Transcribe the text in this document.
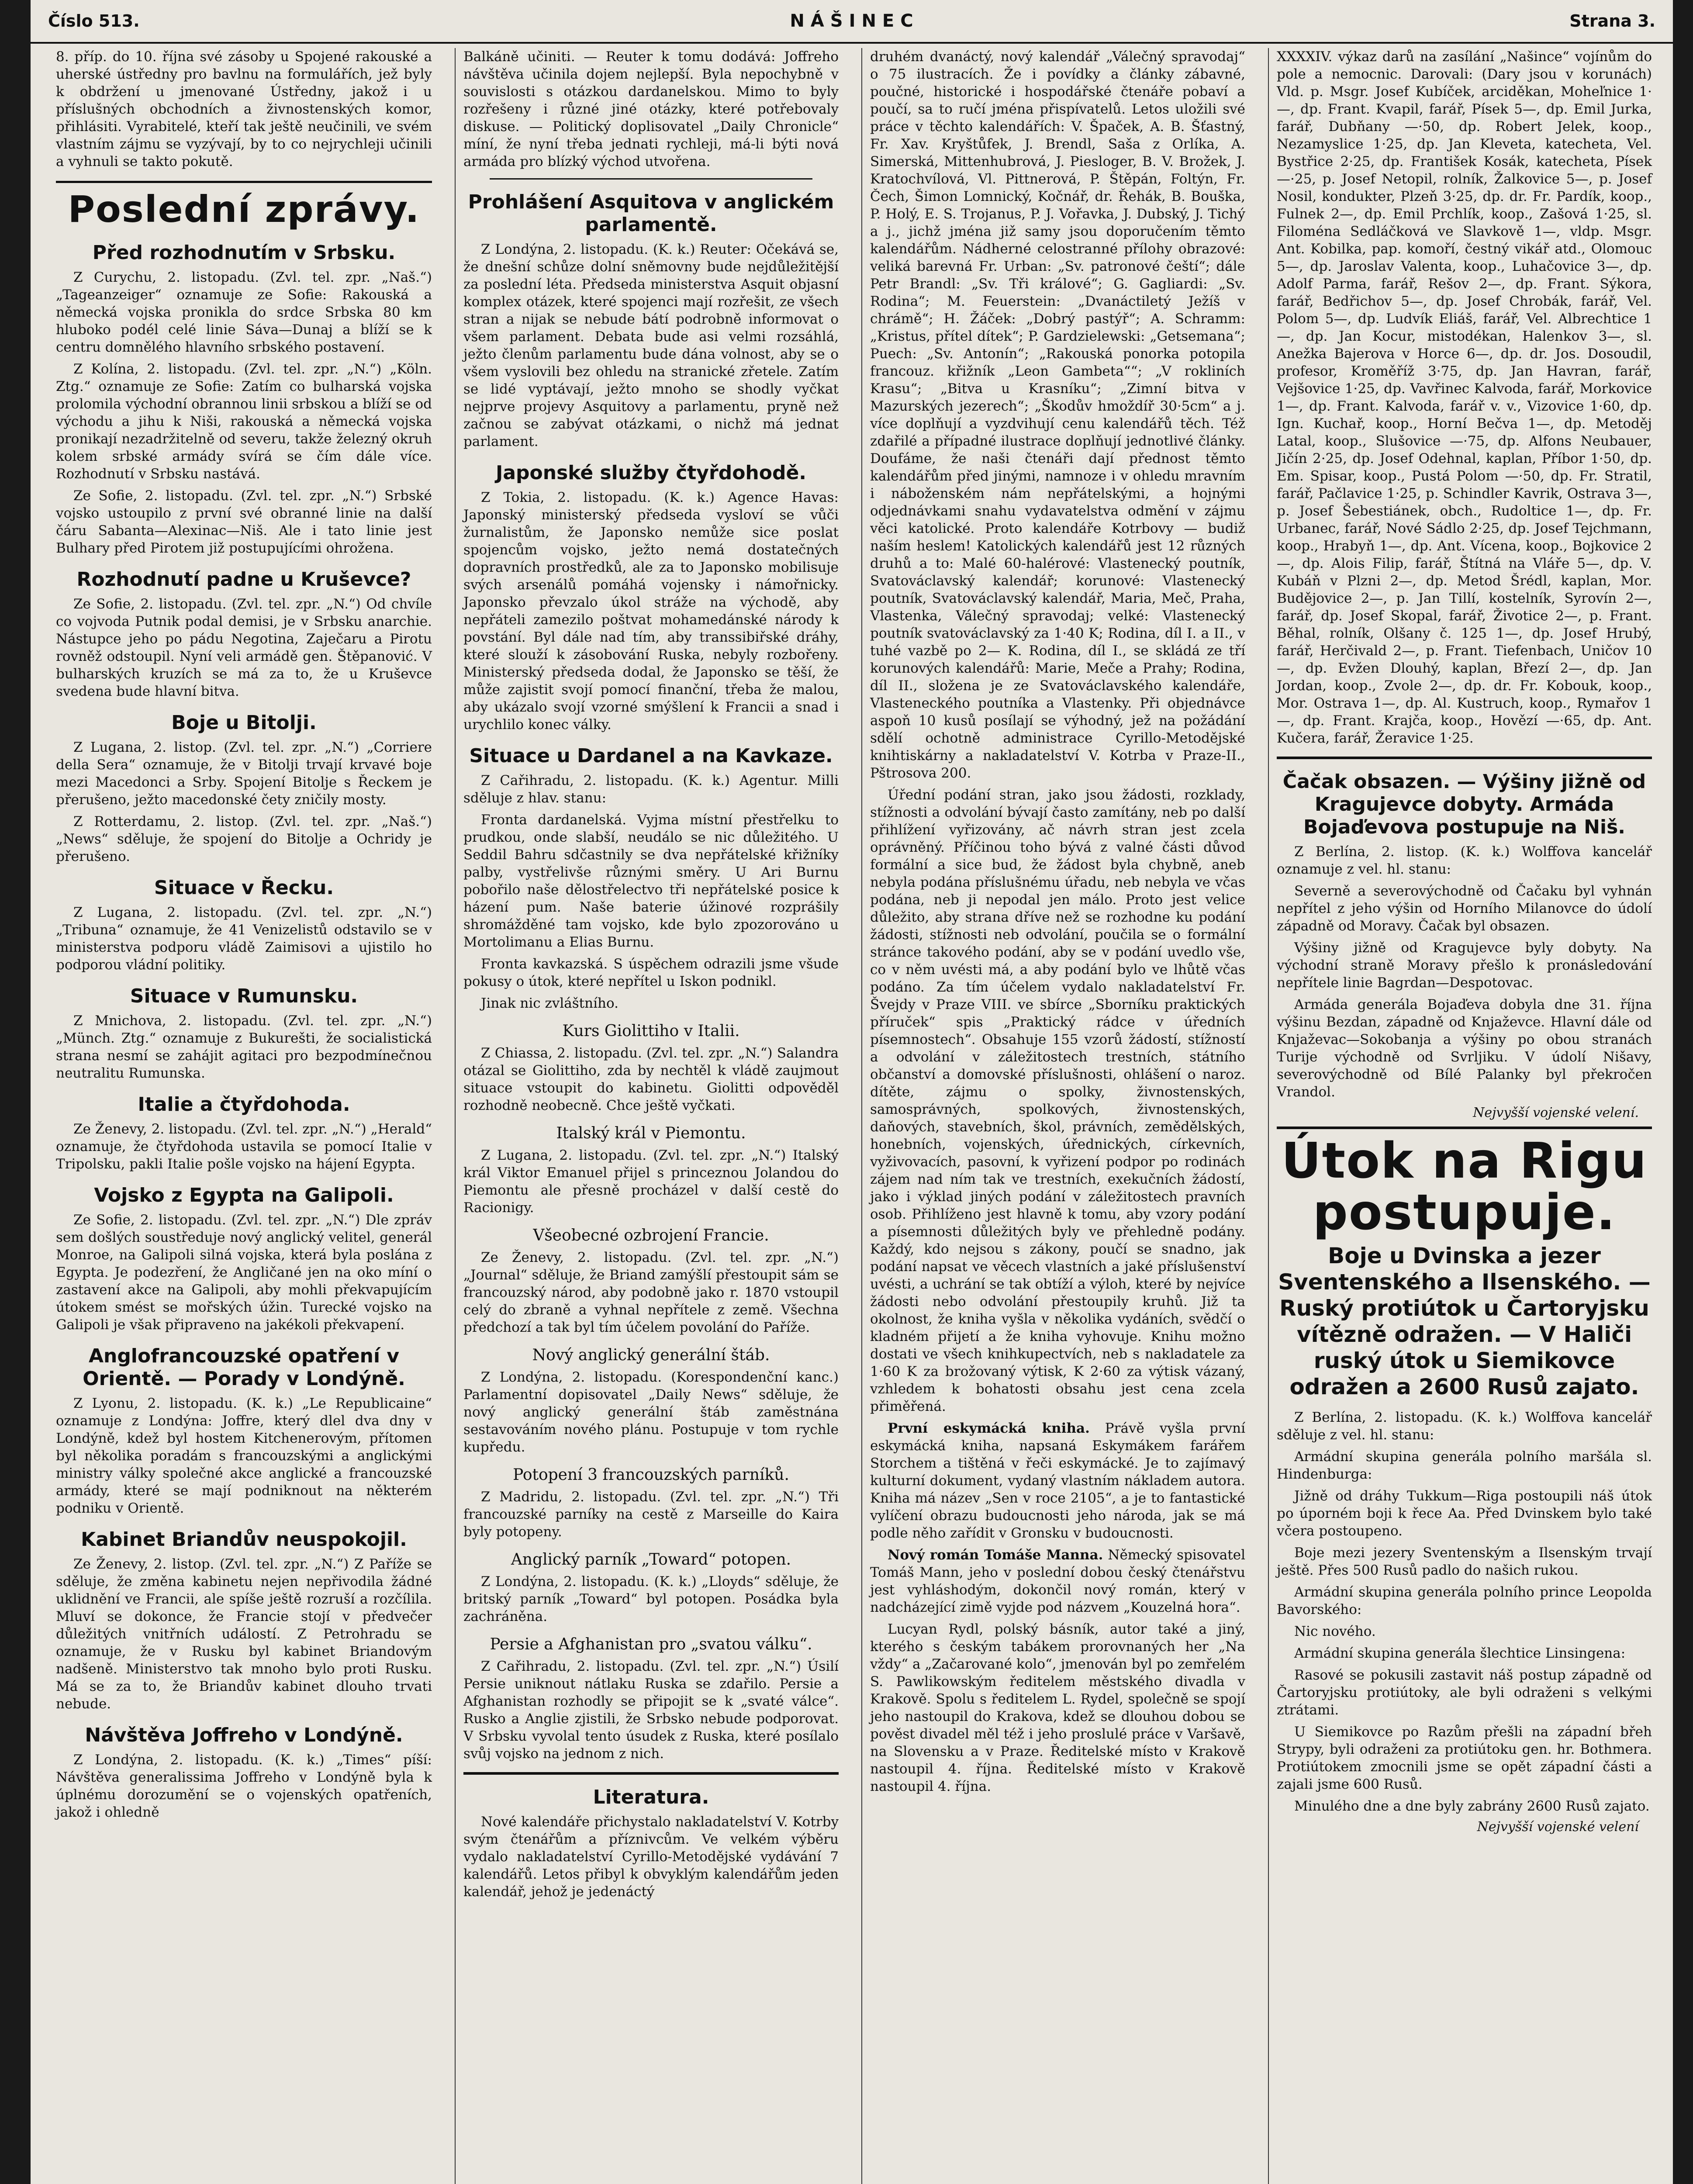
Číslo 513.	NÁŠINEC	Strana 3.

8. příp. do 10. října své zásoby u Spojené rakouské a uherské ústředny pro bavlnu na formulářích, jež byly k obdržení u jmenované Ústředny, jakož i u příslušných obchodních a živnostenských komor, přihlásiti. Vyrabitelé, kteří tak ještě neučinili, ve svém vlastním zájmu se vyzývají, by to co nejrychleji učinili a vyhnuli se takto pokutě.

Poslední zprávy.
Před rozhodnutím v Srbsku.

Z Curychu, 2. listopadu. (Zvl. tel. zpr. „Naš.“) „Tageanzeiger“ oznamuje ze Sofie: Rakouská a německá vojska pronikla do srdce Srbska 80 km hluboko podél celé linie Sáva—Dunaj a blíží se k centru domnělého hlavního srbského postavení.

Z Kolína, 2. listopadu. (Zvl. tel. zpr. „N.“) „Köln. Ztg.“ oznamuje ze Sofie: Zatím co bulharská vojska prolomila východní obrannou linii srbskou a blíží se od východu a jihu k Niši, rakouská a německá vojska pronikají nezadržitelně od severu, takže železný okruh kolem srbské armády svírá se čím dále více. Rozhodnutí v Srbsku nastává.

Ze Sofie, 2. listopadu. (Zvl. tel. zpr. „N.“) Srbské vojsko ustoupilo z první své obranné linie na další čáru Sabanta—Alexinac—Niš. Ale i tato linie jest Bulhary před Pirotem již postupujícími ohrožena.

Rozhodnutí padne u Kruševce?

Ze Sofie, 2. listopadu. (Zvl. tel. zpr. „N.“) Od chvíle co vojvoda Putnik podal demisi, je v Srbsku anarchie. Nástupce jeho po pádu Negotina, Zaječaru a Pirotu rovněž odstoupil. Nyní veli armádě gen. Štěpanović. V bulharských kruzích se má za to, že u Kruševce svedena bude hlavní bitva.

Boje u Bitolji.

Z Lugana, 2. listop. (Zvl. tel. zpr. „N.“) „Corriere della Sera“ oznamuje, že v Bitolji trvají krvavé boje mezi Macedonci a Srby. Spojení Bitolje s Řeckem je přerušeno, ježto macedonské čety zničily mosty.

Z Rotterdamu, 2. listop. (Zvl. tel. zpr. „Naš.“) „News“ sděluje, že spojení do Bitolje a Ochridy je přerušeno.

Situace v Řecku.

Z Lugana, 2. listopadu. (Zvl. tel. zpr. „N.“) „Tribuna“ oznamuje, že 41 Venizelistů odstavilo se v ministerstva podporu vládě Zaimisovi a ujistilo ho podporou vládní politiky.

Situace v Rumunsku.

Z Mnichova, 2. listopadu. (Zvl. tel. zpr. „N.“) „Münch. Ztg.“ oznamuje z Bukurešti, že socialistická strana nesmí se zahájit agitaci pro bezpodmínečnou neutralitu Rumunska.

Italie a čtyřdohoda.

Ze Ženevy, 2. listopadu. (Zvl. tel. zpr. „N.“) „Herald“ oznamuje, že čtyřdohoda ustavila se pomocí Italie v Tripolsku, pakli Italie pošle vojsko na hájení Egypta.

Vojsko z Egypta na Galipoli.

Ze Sofie, 2. listopadu. (Zvl. tel. zpr. „N.“) Dle zpráv sem došlých soustředuje nový anglický velitel, generál Monroe, na Galipoli silná vojska, která byla poslána z Egypta. Je podezření, že Angličané jen na oko míní o zastavení akce na Galipoli, aby mohli překvapujícím útokem smést se mořských úžin. Turecké vojsko na Galipoli je však připraveno na jakékoli překvapení.

Anglofrancouzské opatření v Orientě. — Porady v Londýně.

Z Lyonu, 2. listopadu. (K. k.) „Le Republicaine“ oznamuje z Londýna: Joffre, který dlel dva dny v Londýně, kdež byl hostem Kitchenerovým, přítomen byl několika poradám s francouzskými a anglickými ministry války společné akce anglické a francouzské armády, které se mají podniknout na některém podniku v Orientě.

Kabinet Briandův neuspokojil.

Ze Ženevy, 2. listop. (Zvl. tel. zpr. „N.“) Z Paříže se sděluje, že změna kabinetu nejen nepřivodila žádné uklidnění ve Francii, ale spíše ještě rozruší a rozčílila. Mluví se dokonce, že Francie stojí v předvečer důležitých vnitřních událostí. Z Petrohradu se oznamuje, že v Rusku byl kabinet Briandovým nadšeně. Ministerstvo tak mnoho bylo proti Rusku. Má se za to, že Briandův kabinet dlouho trvati nebude.

Návštěva Joffreho v Londýně.

Z Londýna, 2. listopadu. (K. k.) „Times“ píší: Návštěva generalissima Joffreho v Londýně byla k úplnému dorozumění se o vojenských opatřeních, jakož i ohledně

Balkáně učiniti. — Reuter k tomu dodává: Joffreho návštěva učinila dojem nejlepší. Byla nepochybně v souvislosti s otázkou dardanelskou. Mimo to byly rozřešeny i různé jiné otázky, které potřebovaly diskuse. — Politický doplisovatel „Daily Chronicle“ míní, že nyní třeba jednati rychleji, má-li býti nová armáda pro blízký východ utvořena.

Prohlášení Asquitova v anglickém parlamentě.

Z Londýna, 2. listopadu. (K. k.) Reuter: Očekává se, že dnešní schůze dolní sněmovny bude nejdůležitější za poslední léta. Předseda ministerstva Asquit objasní komplex otázek, které spojenci mají rozřešit, ze všech stran a nijak se nebude bátí podrobně informovat o všem parlament. Debata bude asi velmi rozsáhlá, ježto členům parlamentu bude dána volnost, aby se o všem vyslovili bez ohledu na stranické zřetele. Zatím se lidé vyptávají, ježto mnoho se shodly vyčkat nejprve projevy Asquitovy a parlamentu, pryně než začnou se zabývat otázkami, o nichž má jednat parlament.

Japonské služby čtyřdohodě.

Z Tokia, 2. listopadu. (K. k.) Agence Havas: Japonský ministerský předseda vysloví se vůči žurnalistům, že Japonsko nemůže sice poslat spojencům vojsko, ježto nemá dostatečných dopravních prostředků, ale za to Japonsko mobilisuje svých arsenálů pomáhá vojensky i námořnicky. Japonsko převzalo úkol stráže na východě, aby nepřáteli zamezilo poštvat mohamedánské národy k povstání. Byl dále nad tím, aby transsibiřské dráhy, které slouží k zásobování Ruska, nebyly rozbořeny. Ministerský předseda dodal, že Japonsko se těší, že může zajistit svojí pomocí finanční, třeba že malou, aby ukázalo svojí vzorné smýšlení k Francii a snad i urychlilo konec války.

Situace u Dardanel a na Kavkaze.

Z Cařihradu, 2. listopadu. (K. k.) Agentur. Milli sděluje z hlav. stanu:

Fronta dardanelská. Vyjma místní přestřelku to prudkou, onde slabší, neudálo se nic důležitého. U Seddil Bahru sdčastnily se dva nepřátelské křižníky palby, vystřelivše různými směry. U Ari Burnu pobořilo naše dělostřelectvo tři nepřátelské posice k házení pum. Naše baterie úžinové rozprášily shromážděné tam vojsko, kde bylo zpozorováno u Mortolimanu a Elias Burnu.

Fronta kavkazská. S úspěchem odrazili jsme všude pokusy o útok, které nepřítel u Iskon podnikl.

Jinak nic zvláštního.

Kurs Giolittiho v Italii.

Z Chiassa, 2. listopadu. (Zvl. tel. zpr. „N.“) Salandra otázal se Giolittiho, zda by nechtěl k vládě zaujmout situace vstoupit do kabinetu. Giolitti odpověděl rozhodně neobecně. Chce ještě vyčkati.

Italský král v Piemontu.

Z Lugana, 2. listopadu. (Zvl. tel. zpr. „N.“) Italský král Viktor Emanuel přijel s princeznou Jolandou do Piemontu ale přesně procházel v další cestě do Racionigy.

Všeobecné ozbrojení Francie.

Ze Ženevy, 2. listopadu. (Zvl. tel. zpr. „N.“) „Journal“ sděluje, že Briand zamýšlí přestoupit sám se francouzský národ, aby podobně jako r. 1870 vstoupil celý do zbraně a vyhnal nepřítele z země. Všechna předchozí a tak byl tím účelem povolání do Paříže.

Nový anglický generální štáb.

Z Londýna, 2. listopadu. (Korespondenční kanc.) Parlamentní dopisovatel „Daily News“ sděluje, že nový anglický generální štáb zaměstnána sestavováním nového plánu. Postupuje v tom rychle kupředu.

Potopení 3 francouzských parníků.

Z Madridu, 2. listopadu. (Zvl. tel. zpr. „N.“) Tři francouzské parníky na cestě z Marseille do Kaira byly potopeny.

Anglický parník „Toward“ potopen.

Z Londýna, 2. listopadu. (K. k.) „Lloyds“ sděluje, že britský parník „Toward“ byl potopen. Posádka byla zachráněna.

Persie a Afghanistan pro „svatou válku“.

Z Cařihradu, 2. listopadu. (Zvl. tel. zpr. „N.“) Úsilí Persie uniknout nátlaku Ruska se zdařilo. Persie a Afghanistan rozhodly se připojit se k „svaté válce“. Rusko a Anglie zjistili, že Srbsko nebude podporovat. V Srbsku vyvolal tento úsudek z Ruska, které posílalo svůj vojsko na jednom z nich.

Literatura.

Nové kalendáře přichystalo nakladatelství V. Kotrby svým čtenářům a příznivcům. Ve velkém výběru vydalo nakladatelství Cyrillo-Metodějské vydávání 7 kalendářů. Letos přibyl k obvyklým kalendářům jeden kalendář, jehož je jedenáctý

druhém dvanáctý, nový kalendář „Válečný spravodaj“ o 75 ilustracích. Že i povídky a články zábavné, poučné, historické i hospodářské čtenáře pobaví a poučí, sa to ručí jména přispívatelů. Letos uložili své práce v těchto kalendářích: V. Špaček, A. B. Šťastný, Fr. Xav. Kryštůfek, J. Brendl, Saša z Orlíka, A. Simerská, Mittenhubrová, J. Piesloger, B. V. Brožek, J. Kratochvílová, Vl. Pittnerová, P. Štěpán, Foltýn, Fr. Čech, Šimon Lomnický, Kočnář, dr. Řehák, B. Bouška, P. Holý, E. S. Trojanus, P. J. Vořavka, J. Dubský, J. Tichý a j., jichž jména již samy jsou doporučením těmto kalendářům. Nádherné celostranné přílohy obrazové: veliká barevná Fr. Urban: „Sv. patronové čeští“; dále Petr Brandl: „Sv. Tři králové“; G. Gagliardi: „Sv. Rodina“; M. Feuerstein: „Dvanáctiletý Ježíš v chrámě“; H. Žáček: „Dobrý pastýř“; A. Schramm: „Kristus, přítel dítek“; P. Gardzielewski: „Getsemana“; Puech: „Sv. Antonín“; „Rakouská ponorka potopila francouz. křižník „Leon Gambeta““; „V rokliních Krasu“; „Bitva u Krasníku“; „Zimní bitva v Mazurských jezerech“; „Škodův hmoždíř 30·5cm“ a j. více doplňují a vyzdvihují cenu kalendářů těch. Též zdařilé a případné ilustrace doplňují jednotlivé články. Doufáme, že naši čtenáři dají přednost těmto kalendářům před jinými, namnoze i v ohledu mravním i náboženském nám nepřátelskými, a hojnými odjednávkami snahu vydavatelstva odmění v zájmu věci katolické. Proto kalendáře Kotrbovy — budiž naším heslem! Katolických kalendářů jest 12 různých druhů a to: Malé 60-halérové: Vlastenecký poutník, Svatováclavský kalendář; korunové: Vlastenecký poutník, Svatováclavský kalendář, Maria, Meč, Praha, Vlastenka, Válečný spravodaj; velké: Vlastenecký poutník svatováclavský za 1·40 K; Rodina, díl I. a II., v tuhé vazbě po 2— K. Rodina, díl I., se skládá ze tří korunových kalendářů: Marie, Meče a Prahy; Rodina, díl II., složena je ze Svatováclavského kalendáře, Vlasteneckého poutníka a Vlastenky. Při objednávce aspoň 10 kusů posílají se výhodný, jež na požádání sdělí ochotně administrace Cyrillo-Metodějské knihtiskárny a nakladatelství V. Kotrba v Praze-II., Pštrosova 200.

Úřední podání stran, jako jsou žádosti, rozklady, stížnosti a odvolání bývají často zamítány, neb po další přihlížení vyřizovány, ač návrh stran jest zcela oprávněný. Příčinou toho bývá z valné části důvod formální a sice bud, že žádost byla chybně, aneb nebyla podána příslušnému úřadu, neb nebyla ve včas podána, neb ji nepodal jen málo. Proto jest velice důležito, aby strana dříve než se rozhodne ku podání žádosti, stížnosti neb odvolání, poučila se o formální stránce takového podání, aby se v podání uvedlo vše, co v něm uvésti má, a aby podání bylo ve lhůtě včas podáno. Za tím účelem vydalo nakladatelství Fr. Švejdy v Praze VIII. ve sbírce „Sborníku praktických příruček“ spis „Praktický rádce v úředních písemnostech“. Obsahuje 155 vzorů žádostí, stížností a odvolání v záležitostech trestních, státního občanství a domovské příslušnosti, ohlášení o naroz. dítěte, zájmu o spolky, živnostenských, samosprávných, spolkových, živnostenských, daňových, stavebních, škol, právních, zemědělských, honebních, vojenských, úřednických, církevních, vyživovacích, pasovní, k vyřizení podpor po rodinách zájem nad ním tak ve trestních, exekučních žádostí, jako i výklad jiných podání v záležitostech pravních osob. Přihlíženo jest hlavně k tomu, aby vzory podání a písemnosti důležitých byly ve přehledně podány. Každý, kdo nejsou s zákony, poučí se snadno, jak podání napsat ve věcech vlastních a jaké příslušenství uvésti, a uchrání se tak obtíží a výloh, které by nejvíce žádosti nebo odvolání přestoupily kruhů. Již ta okolnost, že kniha vyšla v několika vydáních, svědčí o kladném přijetí a že kniha vyhovuje. Knihu možno dostati ve všech knihkupectvích, neb s nakladatele za 1·60 K za brožovaný výtisk, K 2·60 za výtisk vázaný, vzhledem k bohatosti obsahu jest cena zcela přiměřená.

První eskymácká kniha. Právě vyšla první eskymácká kniha, napsaná Eskymákem farářem Storchem a tištěná v řeči eskymácké. Je to zajímavý kulturní dokument, vydaný vlastním nákladem autora. Kniha má název „Sen v roce 2105“, a je to fantastické vylíčení obrazu budoucnosti jeho národa, jak se má podle něho zařídit v Gronsku v budoucnosti.

Nový román Tomáše Manna. Německý spisovatel Tomáš Mann, jeho v poslední dobou český čtenářstvu jest vyhláshodým, dokončil nový román, který v nadcházející zimě vyjde pod názvem „Kouzelná hora“.

Lucyan Rydl, polský básník, autor také a jiný, kterého s českým tabákem prorovnaných her „Na vždy“ a „Začarované kolo“, jmenován byl po zemřelém S. Pawlikowským ředitelem městského divadla v Krakově. Spolu s ředitelem L. Rydel, společně se spojí jeho nastoupil do Krakova, kdež se dlouhou dobou se pověst divadel měl též i jeho proslulé práce v Varšavě, na Slovensku a v Praze. Ředitelské místo v Krakově nastoupil 4. října. Ředitelské místo v Krakově nastoupil 4. října.

XXXXIV. výkaz darů na zasílání „Našince“ vojínům do pole a nemocnic. Darovali: (Dary jsou v korunách) Vld. p. Msgr. Josef Kubíček, arciděkan, Moheľnice 1·—, dp. Frant. Kvapil, farář, Písek 5—, dp. Emil Jurka, farář, Dubňany —·50, dp. Robert Jelek, koop., Nezamyslice 1·25, dp. Jan Kleveta, katecheta, Vel. Bystřice 2·25, dp. František Kosák, katecheta, Písek —·25, p. Josef Netopil, rolník, Žalkovice 5—, p. Josef Nosil, kondukter, Plzeň 3·25, dp. dr. Fr. Pardík, koop., Fulnek 2—, dp. Emil Prchlík, koop., Zašová 1·25, sl. Filoména Sedláčková ve Slavkově 1—, vldp. Msgr. Ant. Kobilka, pap. komoří, čestný vikář atd., Olomouc 5—, dp. Jaroslav Valenta, koop., Luhačovice 3—, dp. Adolf Parma, farář, Rešov 2—, dp. Frant. Sýkora, farář, Bedřichov 5—, dp. Josef Chrobák, farář, Vel. Polom 5—, dp. Ludvík Eliáš, farář, Vel. Albrechtice 1—, dp. Jan Kocur, mistodékan, Halenkov 3—, sl. Anežka Bajerova v Horce 6—, dp. dr. Jos. Dosoudil, profesor, Kroměříž 3·75, dp. Jan Havran, farář, Vejšovice 1·25, dp. Vavřinec Kalvoda, farář, Morkovice 1—, dp. Frant. Kalvoda, farář v. v., Vizovice 1·60, dp. Ign. Kuchař, koop., Horní Bečva 1—, dp. Metoděj Latal, koop., Slušovice —·75, dp. Alfons Neubauer, Jičín 2·25, dp. Josef Odehnal, kaplan, Příbor 1·50, dp. Em. Spisar, koop., Pustá Polom —·50, dp. Fr. Stratil, farář, Pačlavice 1·25, p. Schindler Kavrik, Ostrava 3—, p. Josef Šebestiánek, obch., Rudoltice 1—, dp. Fr. Urbanec, farář, Nové Sádlo 2·25, dp. Josef Tejchmann, koop., Hrabyň 1—, dp. Ant. Vícena, koop., Bojkovice 2—, dp. Alois Filip, farář, Štítná na Vláře 5—, dp. V. Kubáň v Plzni 2—, dp. Metod Šrédl, kaplan, Mor. Budějovice 2—, p. Jan Tillí, kostelník, Syrovín 2—, farář, dp. Josef Skopal, farář, Životice 2—, p. Frant. Běhal, rolník, Olšany č. 125 1—, dp. Josef Hrubý, farář, Herčivald 2—, p. Frant. Tiefenbach, Uničov 10—, dp. Evžen Dlouhý, kaplan, Březí 2—, dp. Jan Jordan, koop., Zvole 2—, dp. dr. Fr. Kobouk, koop., Mor. Ostrava 1—, dp. Al. Kustruch, koop., Rymařov 1—, dp. Frant. Krajča, koop., Hovězí —·65, dp. Ant. Kučera, farář, Žeravice 1·25.

Čačak obsazen. — Výšiny jižně od Kragujevce dobyty. Armáda Bojaďevova postupuje na Niš.

Z Berlína, 2. listop. (K. k.) Wolffova kancelář oznamuje z vel. hl. stanu:

Severně a severovýchodně od Čačaku byl vyhnán nepřítel z jeho výšin od Horního Milanovce do údolí západně od Moravy. Čačak byl obsazen.

Výšiny jižně od Kragujevce byly dobyty. Na východní straně Moravy přešlo k pronásledování nepřítele linie Bagrdan—Despotovac.

Armáda generála Bojaďeva dobyla dne 31. října výšinu Bezdan, západně od Knjaževce. Hlavní dále od Knjaževac—Sokobanja a výšiny po obou stranách Turije východně od Svrljiku. V údolí Nišavy, severovýchodně od Bílé Palanky byl překročen Vrandol.

Nejvyšší vojenské velení.
Útok na Rigu postupuje.
Boje u Dvinska a jezer Sventenského a Ilsenského. — Ruský protiútok u Čartoryjsku vítězně odražen. — V Haliči ruský útok u Siemikovce odražen a 2600 Rusů zajato.

Z Berlína, 2. listopadu. (K. k.) Wolffova kancelář sděluje z vel. hl. stanu:

Armádní skupina generála polního maršála sl. Hindenburga:

Jižně od dráhy Tukkum—Riga postoupili náš útok po úporném boji k řece Aa. Před Dvinskem bylo také včera postoupeno.

Boje mezi jezery Sventenským a Ilsenským trvají ještě. Přes 500 Rusů padlo do našich rukou.

Armádní skupina generála polního prince Leopolda Bavorského:

Nic nového.

Armádní skupina generála šlechtice Linsingena:

Rasové se pokusili zastavit náš postup západně od Čartoryjsku protiútoky, ale byli odraženi s velkými ztrátami.

U Siemikovce po Razům přešli na západní břeh Strypy, byli odraženi za protiútoku gen. hr. Bothmera. Protiútokem zmocnili jsme se opět západní části a zajali jsme 600 Rusů.

Minulého dne a dne byly zabrány 2600 Rusů zajato.

Nejvyšší vojenské velení
